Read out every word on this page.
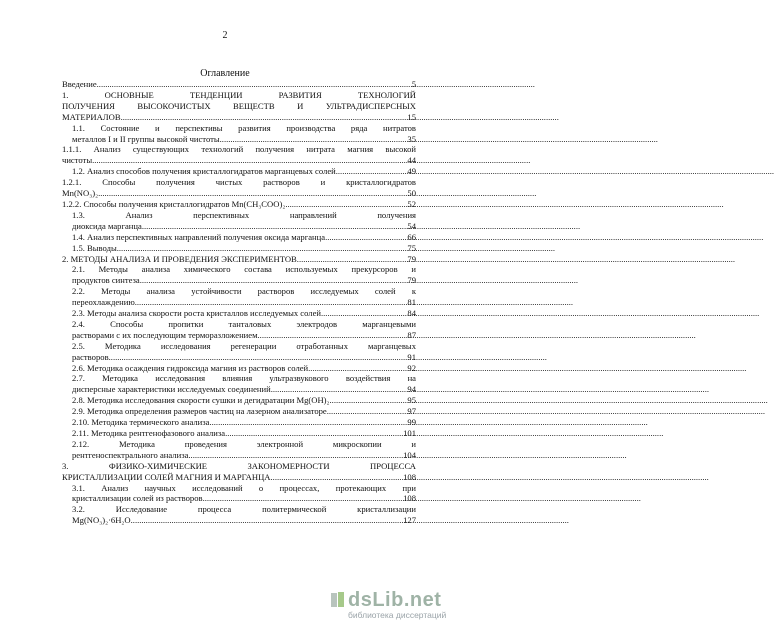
2
Оглавление
Введение .....	5
1. ОСНОВНЫЕ ТЕНДЕНЦИИ РАЗВИТИЯ ТЕХНОЛОГИЙ
ПОЛУЧЕНИЯ ВЫСОКОЧИСТЫХ ВЕЩЕСТВ И УЛЬТРАДИСПЕРСНЫХ
МАТЕРИАЛОВ .....	15
1.1. Состояние и перспективы развития производства ряда нитратов
металлов I и II группы высокой чистоты .....	35
1.1.1. Анализ существующих технологий получения нитрата магния высокой
чистоты .....	44
1.2. Анализ способов получения кристаллогидратов марганцевых солей .....	49
1.2.1. Способы получения чистых растворов и кристаллогидратов
Mn(NO₃)₂ .....	50
1.2.2. Способы получения кристаллогидратов Mn(CH₃COO)₂ .....	52
1.3. Анализ перспективных направлений получения
диоксида марганца .....	54
1.4. Анализ перспективных направлений получения оксида марганца .....	66
1.5. Выводы .....	75
2. МЕТОДЫ АНАЛИЗА И ПРОВЕДЕНИЯ ЭКСПЕРИМЕНТОВ .....	79
2.1. Методы анализа химического состава используемых прекурсоров и
продуктов синтеза .....	79
2.2. Методы анализа устойчивости растворов исследуемых солей к
переохлаждению .....	81
2.3. Методы анализа скорости роста кристаллов исследуемых солей .....	84
2.4. Способы пропитки танталовых электродов марганцевыми
растворами с их последующим терморазложением .....	87
2.5. Методика исследования регенерации отработанных марганцевых
растворов .....	91
2.6. Методика осаждения гидроксида магния из растворов солей .....	92
2.7. Методика исследования влияния ультразвукового воздействия на
дисперсные характеристики исследуемых соединений .....	94
2.8. Методика исследования скорости сушки и дегидратации Mg(OH)₂ .....	95
2.9. Методика определения размеров частиц на лазерном анализаторе .....	97
2.10. Методика термического анализа .....	99
2.11. Методика рентгенофазового анализа .....	101
2.12. Методика проведения электронной микроскопии и
рентгеноспектрального анализа .....	104
3. ФИЗИКО-ХИМИЧЕСКИЕ ЗАКОНОМЕРНОСТИ ПРОЦЕССА
КРИСТАЛЛИЗАЦИИ СОЛЕЙ МАГНИЯ И МАРГАНЦА .....	108
3.1. Анализ научных исследований о процессах, протекающих при
кристаллизации солей из растворов .....	108
3.2. Исследование процесса политермической кристаллизации
Mg(NO₃)₂·6H₂O .....	127
dsLib.net
библиотека диссертаций
